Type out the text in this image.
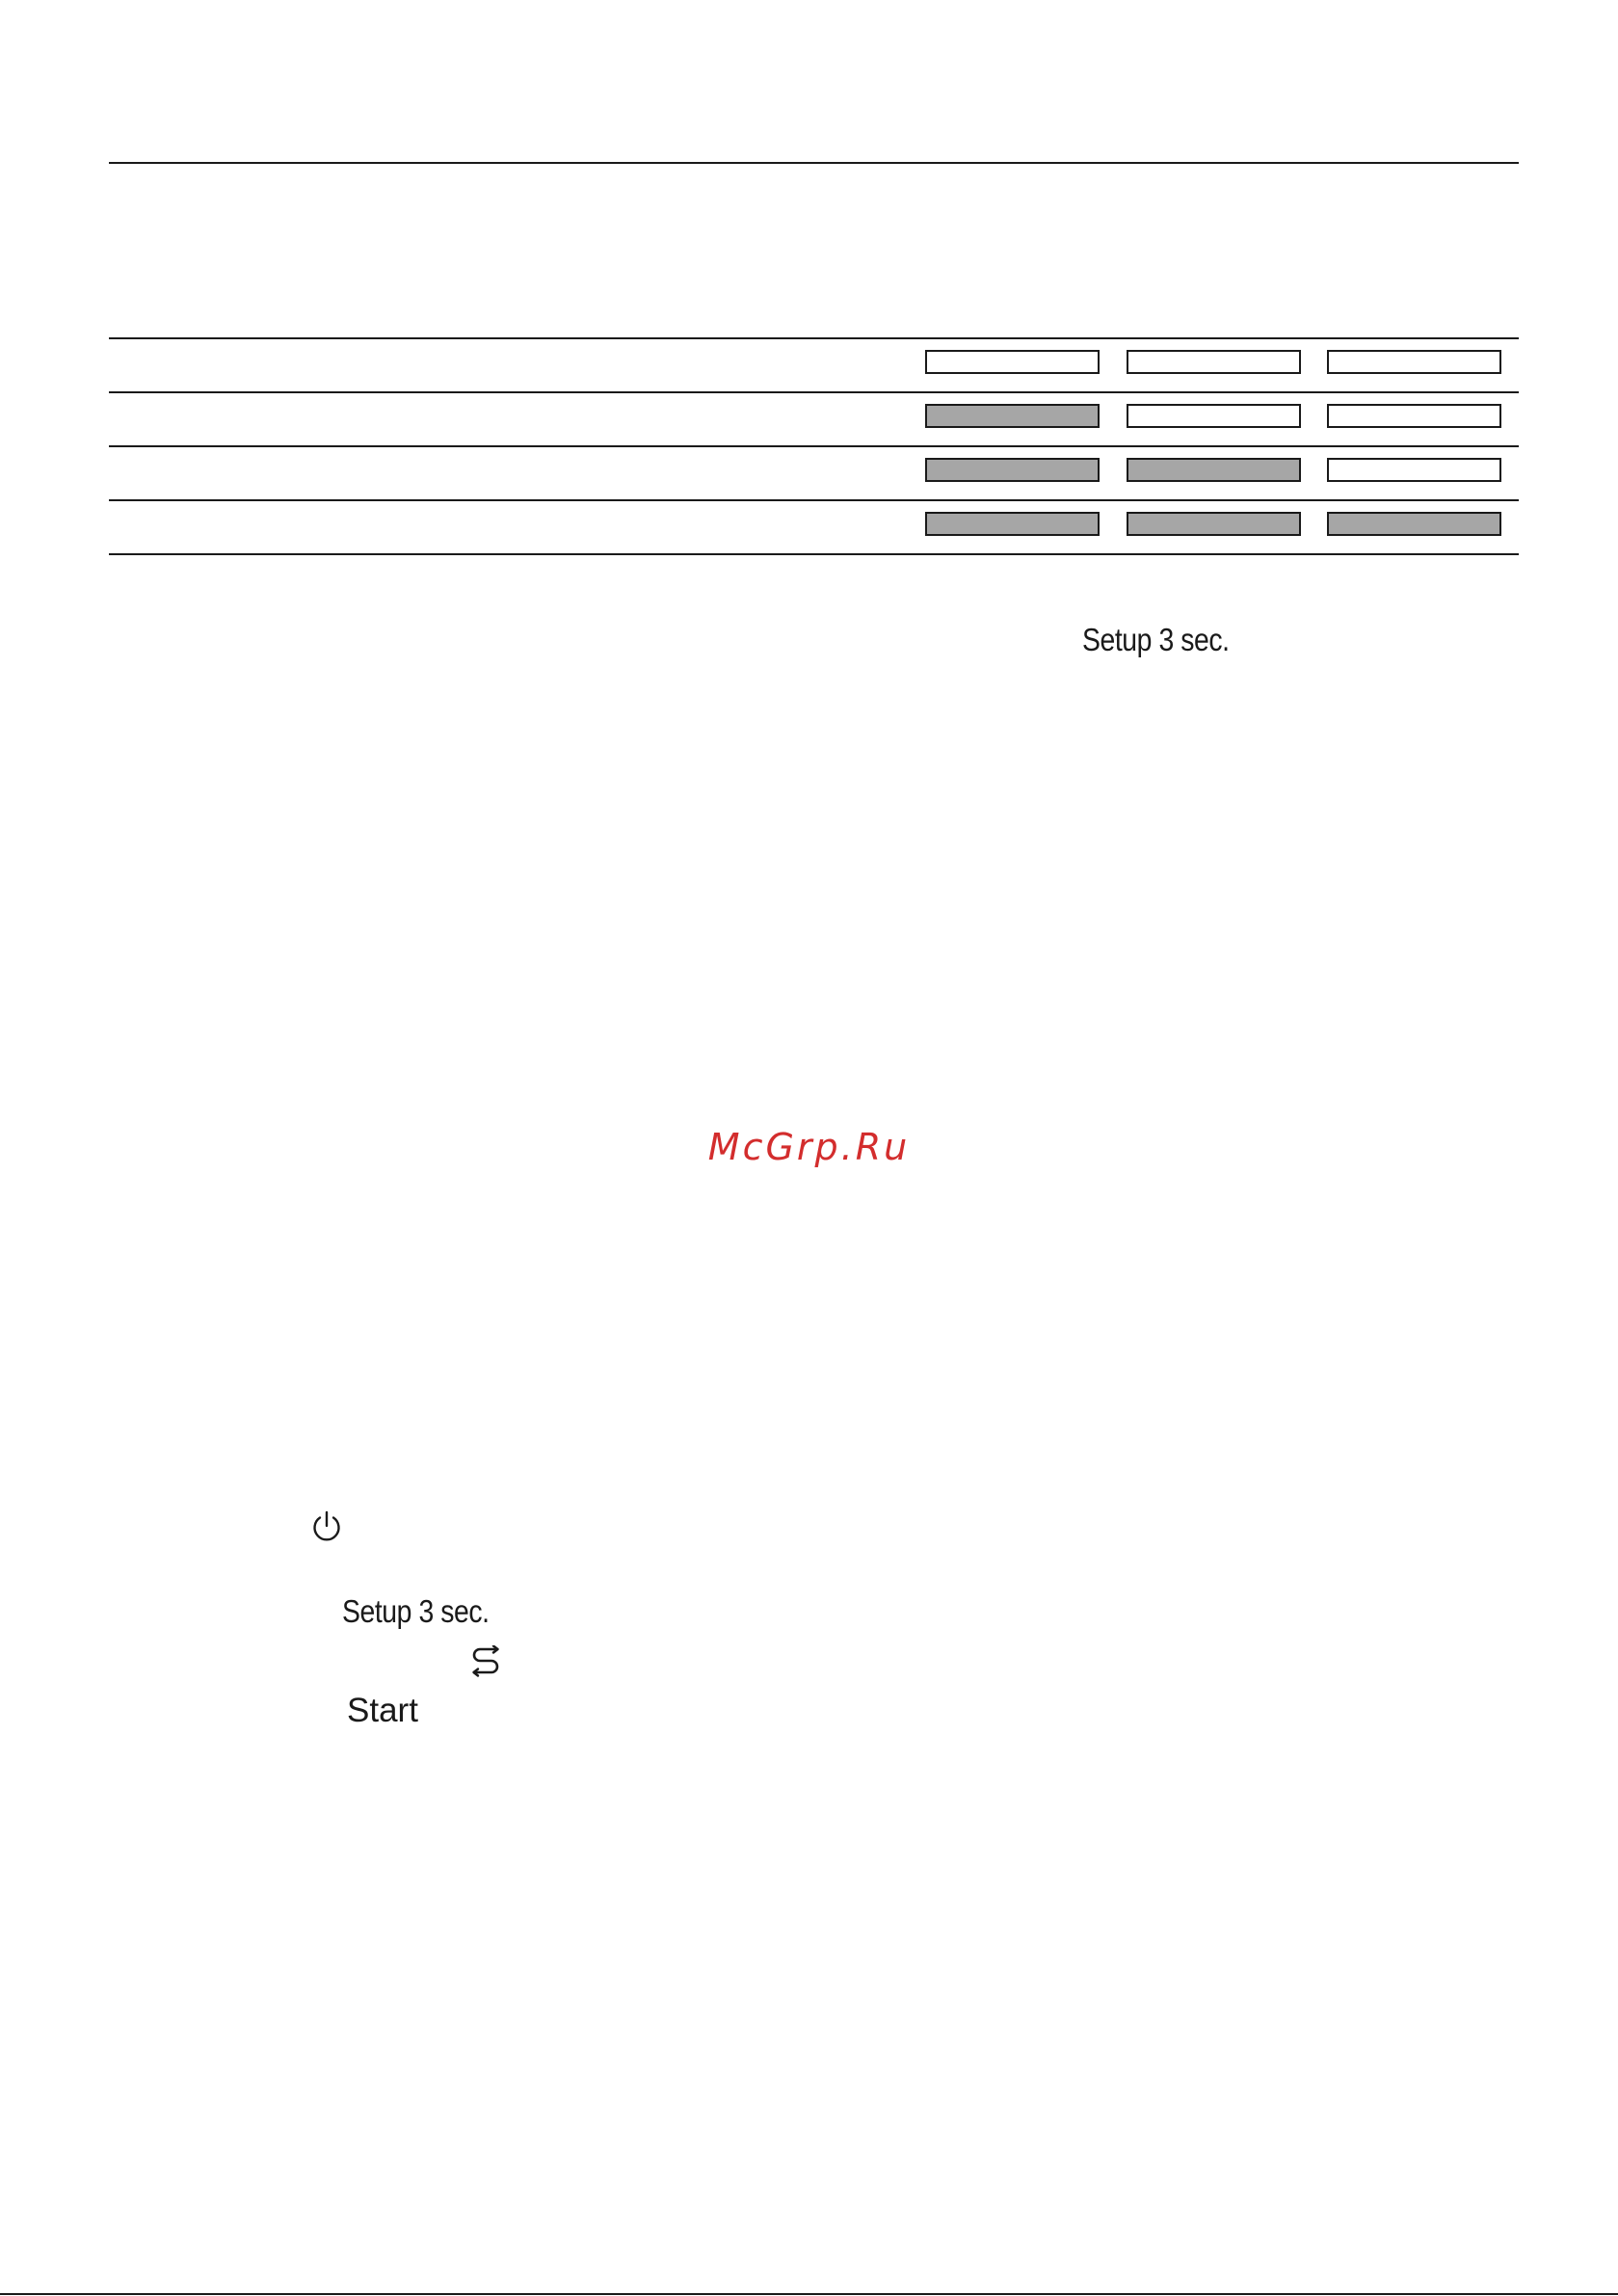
Setup 3 sec.
McGrp.Ru
Setup 3 sec.
Start
